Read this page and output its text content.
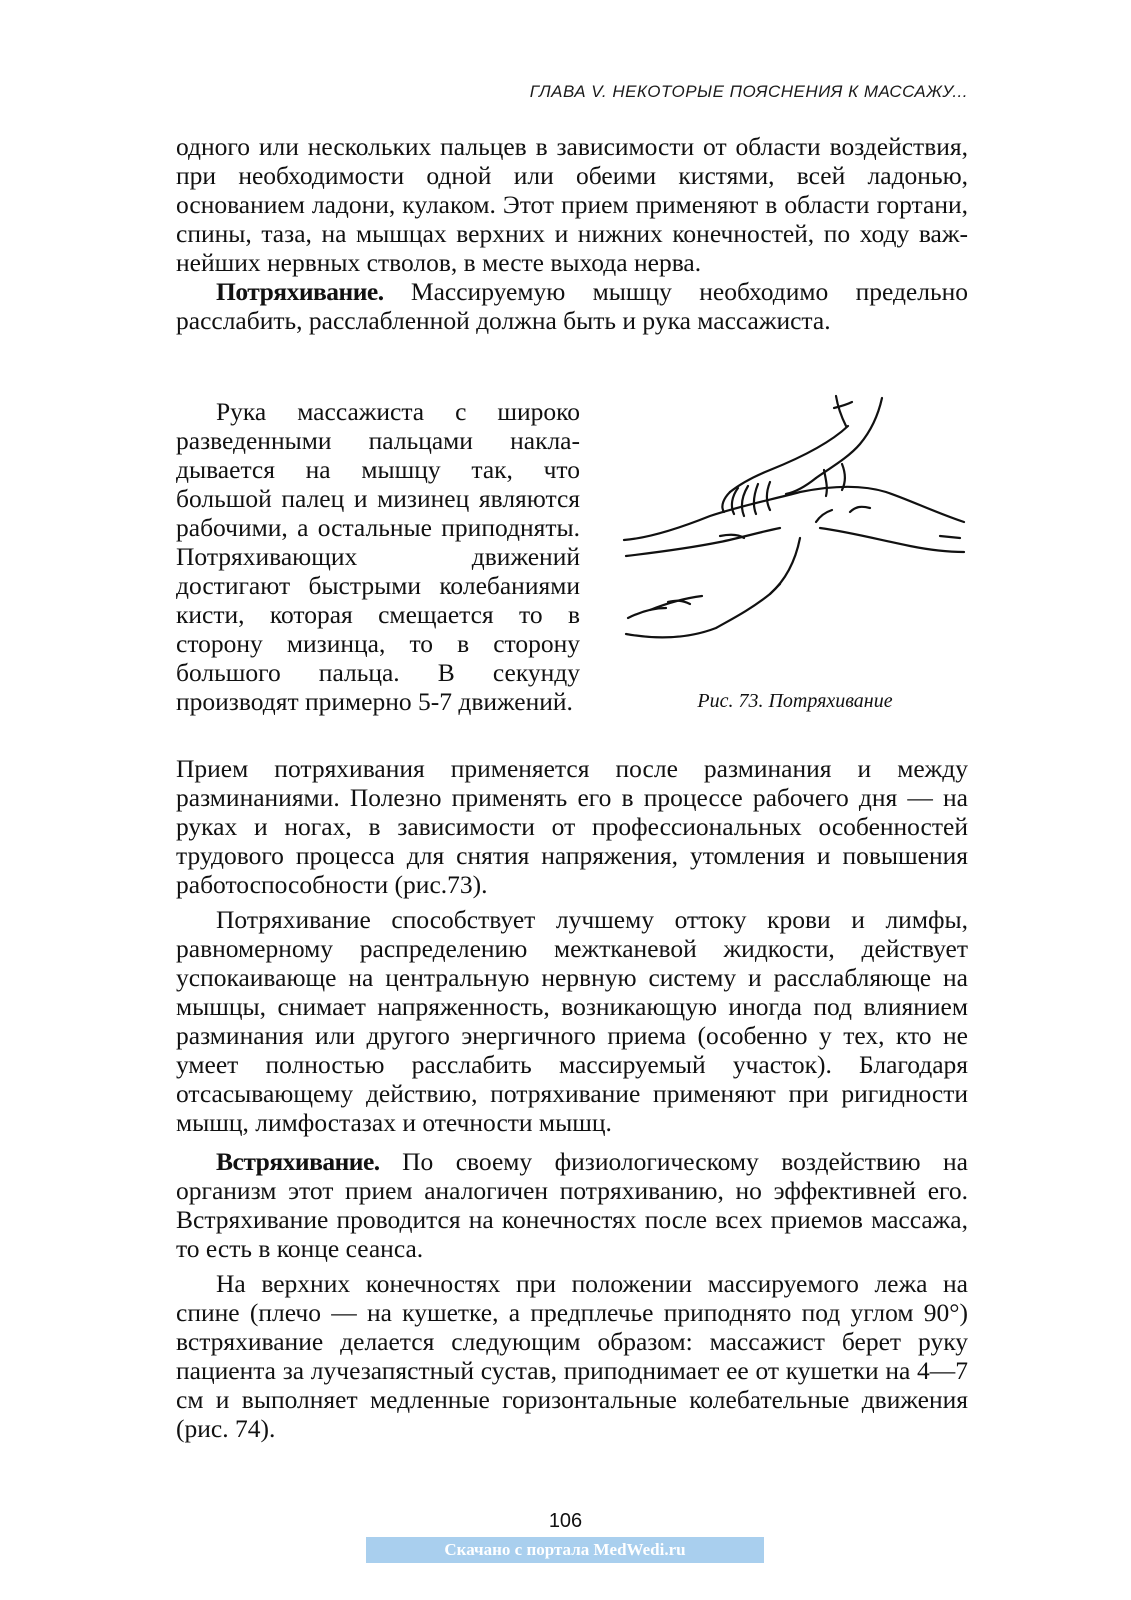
ГЛАВА V. НЕКОТОРЫЕ ПОЯСНЕНИЯ К МАССАЖУ...

одного или нескольких пальцев в зависимости от области воздействия, при необходимости одной или обеими кистями, всей ладонью, основанием ладони, кулаком. Этот прием применяют в области гортани, спины, таза, на мышцах верхних и нижних конечностей, по ходу важнейших нервных стволов, в месте выхода нерва.

Потряхивание. Массируемую мышцу необходимо предельно расслабить, расслабленной должна быть и рука массажиста.

Рука массажиста с широко разведенными пальцами накладывается на мышцу так, что большой палец и мизинец являются рабочими, а остальные приподняты. Потряхивающих движений достигают быстрыми колебаниями кисти, которая смещается то в сторону мизинца, то в сторону большого пальца. В секунду производят примерно 5-7 движений.	Рис. 73. Потряхивание

Прием потряхивания применяется после разминания и между разминаниями. Полезно применять его в процессе рабочего дня — на руках и ногах, в зависимости от профессиональных особенностей трудового процесса для снятия напряжения, утомления и повышения работоспособности (рис.73).

Потряхивание способствует лучшему оттоку крови и лимфы, равномерному распределению межтканевой жидкости, действует успокаивающе на центральную нервную систему и расслабляюще на мышцы, снимает напряженность, возникающую иногда под влиянием разминания или другого энергичного приема (особенно у тех, кто не умеет полностью расслабить массируемый участок). Благодаря отсасывающему действию, потряхивание применяют при ригидности мышц, лимфостазах и отечности мышц.

Встряхивание. По своему физиологическому воздействию на организм этот прием аналогичен потряхиванию, но эффективней его. Встряхивание проводится на конечностях после всех приемов массажа, то есть в конце сеанса.

На верхних конечностях при положении массируемого лежа на спине (плечо — на кушетке, а предплечье приподнято под углом 90°) встряхивание делается следующим образом: массажист берет руку пациента за лучезапястный сустав, приподнимает ее от кушетки на 4—7 см и выполняет медленные горизонтальные колебательные движения (рис. 74).

106
Скачано с портала MedWedi.ru
